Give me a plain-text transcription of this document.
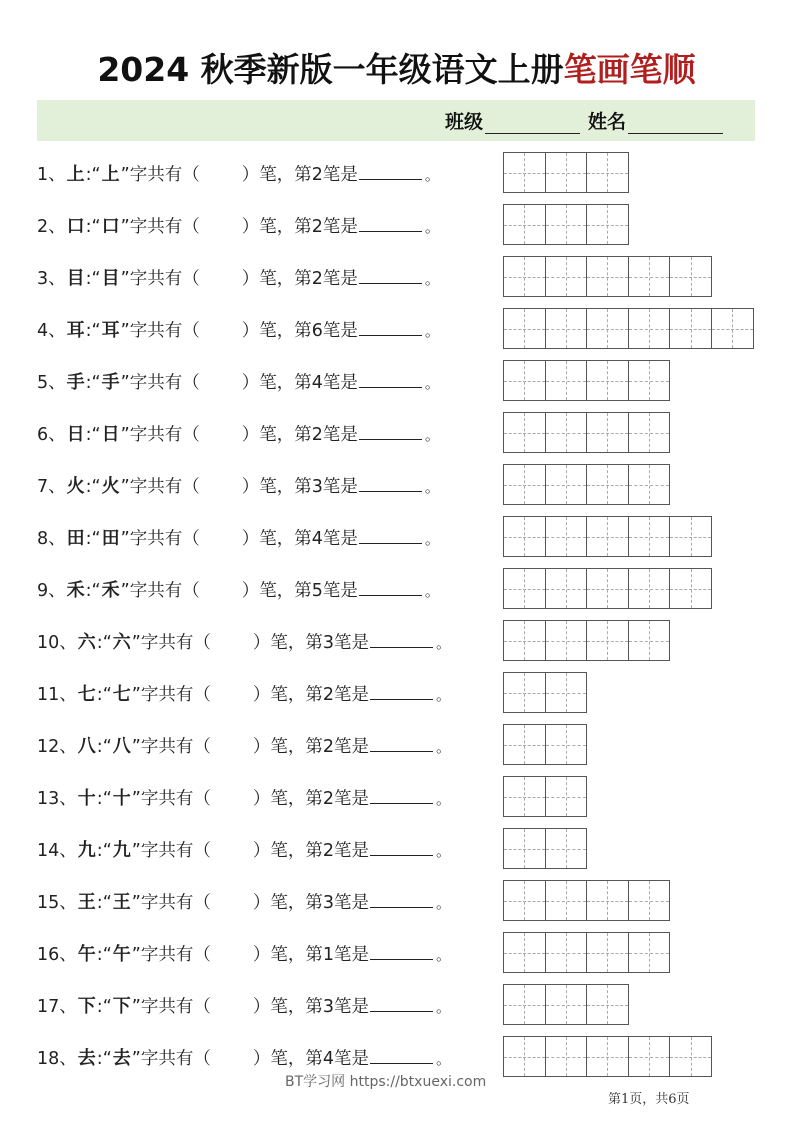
2024 秋季新版一年级语文上册笔画笔顺
班级	姓名
1、 上 : “ 上 ” 字共有（ ）笔，第 2 笔是	。
2、 口 : “ 口 ” 字共有（ ）笔，第 2 笔是	。
3、 目 : “ 目 ” 字共有（ ）笔，第 2 笔是	。
4、 耳 : “ 耳 ” 字共有（ ）笔，第 6 笔是	。
5、 手 : “ 手 ” 字共有（ ）笔，第 4 笔是	。
6、 日 : “ 日 ” 字共有（ ）笔，第 2 笔是	。
7、 火 : “ 火 ” 字共有（ ）笔，第 3 笔是	。
8、 田 : “ 田 ” 字共有（ ）笔，第 4 笔是	。
9、 禾 : “ 禾 ” 字共有（ ）笔，第 5 笔是	。
10、 六 : “ 六 ” 字共有（ ）笔，第 3 笔是	。
11、 七 : “ 七 ” 字共有（ ）笔，第 2 笔是	。
12、 八 : “ 八 ” 字共有（ ）笔，第 2 笔是	。
13、 十 : “ 十 ” 字共有（ ）笔，第 2 笔是	。
14、 九 : “ 九 ” 字共有（ ）笔，第 2 笔是	。
15、 王 : “ 王 ” 字共有（ ）笔，第 3 笔是	。
16、 午 : “ 午 ” 字共有（ ）笔，第 1 笔是	。
17、 下 : “ 下 ” 字共有（ ）笔，第 3 笔是	。
18、 去 : “ 去 ” 字共有（ ）笔，第 4 笔是	。
BT学习网 https://btxuexi.com
第1页，共6页
